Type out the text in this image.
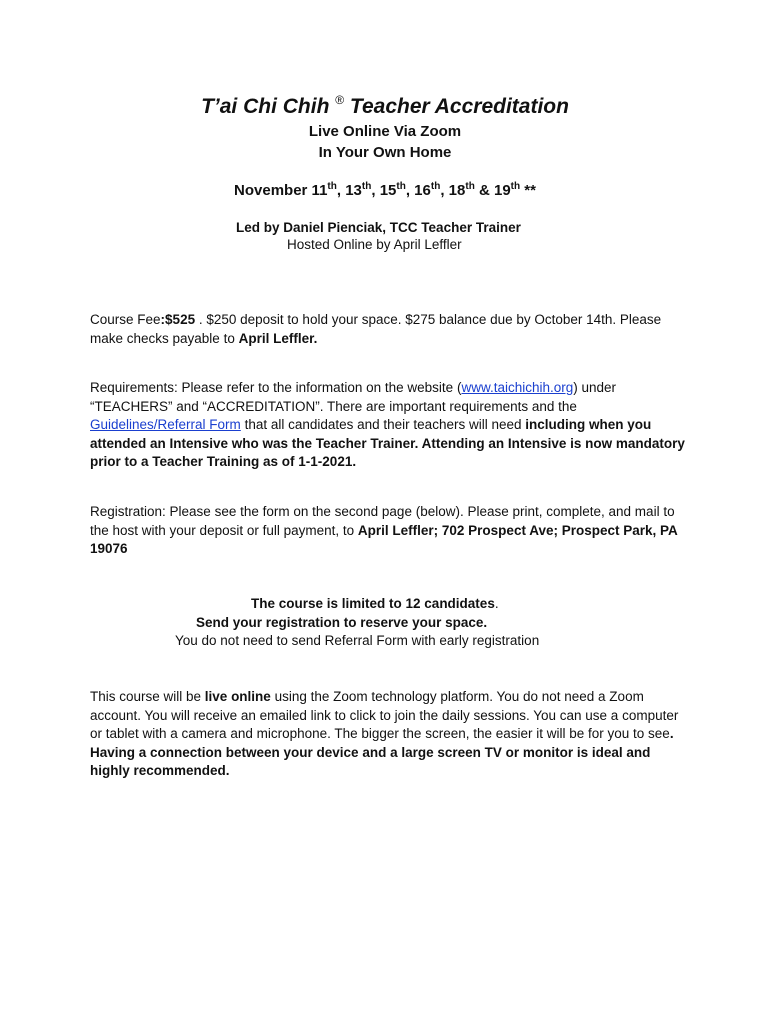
T’ai Chi Chih ® Teacher Accreditation
Live Online Via Zoom
In Your Own Home
November 11th, 13th, 15th, 16th, 18th & 19th **
Led by Daniel Pienciak, TCC Teacher Trainer
Hosted Online by April Leffler
Course Fee:$525 . $250 deposit to hold your space. $275 balance due by October 14th. Please make checks payable to April Leffler.
Requirements: Please refer to the information on the website (www.taichichih.org) under “TEACHERS” and “ACCREDITATION”. There are important requirements and the Guidelines/Referral Form that all candidates and their teachers will need including when you attended an Intensive who was the Teacher Trainer. Attending an Intensive is now mandatory prior to a Teacher Training as of 1-1-2021.
Registration: Please see the form on the second page (below). Please print, complete, and mail to the host with your deposit or full payment, to April Leffler; 702 Prospect Ave; Prospect Park, PA 19076
The course is limited to 12 candidates.
Send your registration to reserve your space.
You do not need to send Referral Form with early registration
This course will be live online using the Zoom technology platform. You do not need a Zoom account. You will receive an emailed link to click to join the daily sessions. You can use a computer or tablet with a camera and microphone. The bigger the screen, the easier it will be for you to see. Having a connection between your device and a large screen TV or monitor is ideal and highly recommended.
